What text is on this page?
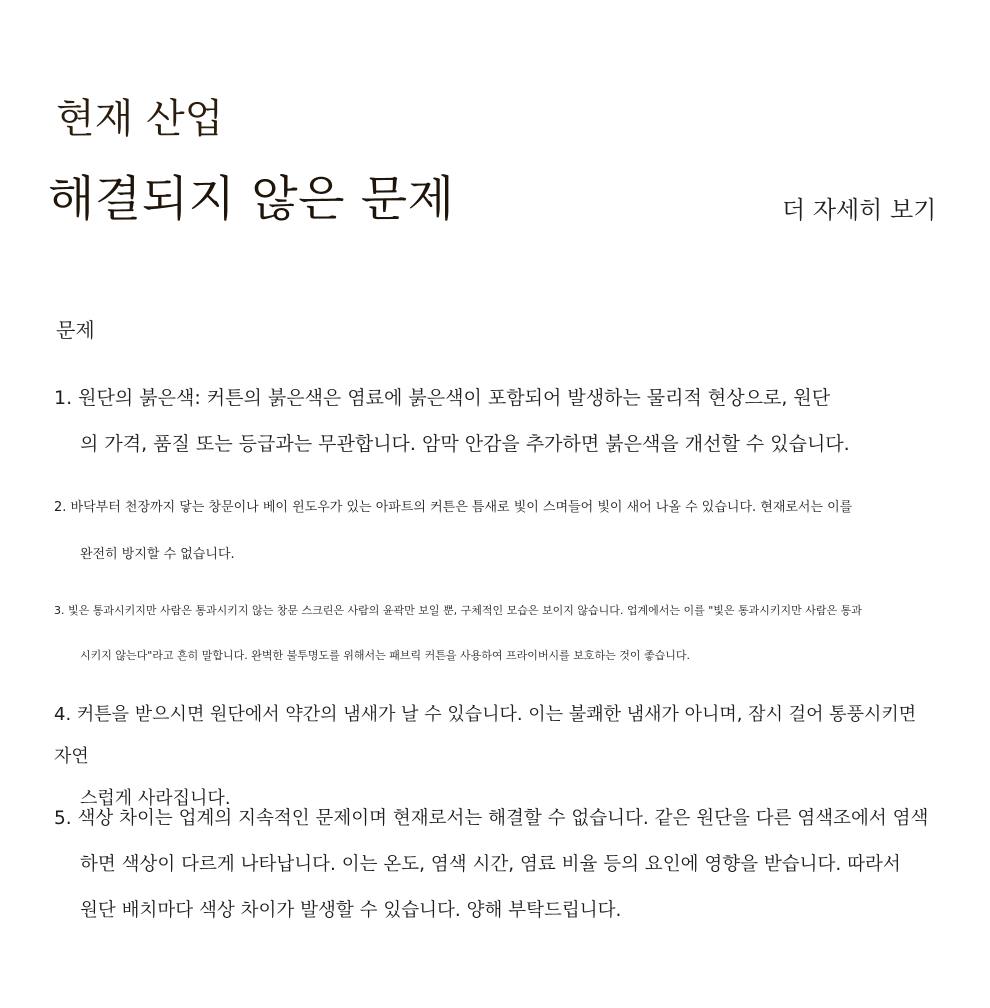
현재 산업
해결되지 않은 문제	더 자세히 보기
문제

1. 원단의 붉은색: 커튼의 붉은색은 염료에 붉은색이 포함되어 발생하는 물리적 현상으로, 원단
의 가격, 품질 또는 등급과는 무관합니다. 암막 안감을 추가하면 붉은색을 개선할 수 있습니다.

2. 바닥부터 천장까지 닿는 창문이나 베이 윈도우가 있는 아파트의 커튼은 틈새로 빛이 스며들어 빛이 새어 나올 수 있습니다. 현재로서는 이를
완전히 방지할 수 없습니다.

3. 빛은 통과시키지만 사람은 통과시키지 않는 창문 스크린은 사람의 윤곽만 보일 뿐, 구체적인 모습은 보이지 않습니다. 업계에서는 이를 "빛은 통과시키지만 사람은 통과
시키지 않는다"라고 흔히 말합니다. 완벽한 불투명도를 위해서는 패브릭 커튼을 사용하여 프라이버시를 보호하는 것이 좋습니다.

4. 커튼을 받으시면 원단에서 약간의 냄새가 날 수 있습니다. 이는 불쾌한 냄새가 아니며, 잠시 걸어 통풍시키면 자연
스럽게 사라집니다.

5. 색상 차이는 업계의 지속적인 문제이며 현재로서는 해결할 수 없습니다. 같은 원단을 다른 염색조에서 염색
하면 색상이 다르게 나타납니다. 이는 온도, 염색 시간, 염료 비율 등의 요인에 영향을 받습니다. 따라서
원단 배치마다 색상 차이가 발생할 수 있습니다. 양해 부탁드립니다.
